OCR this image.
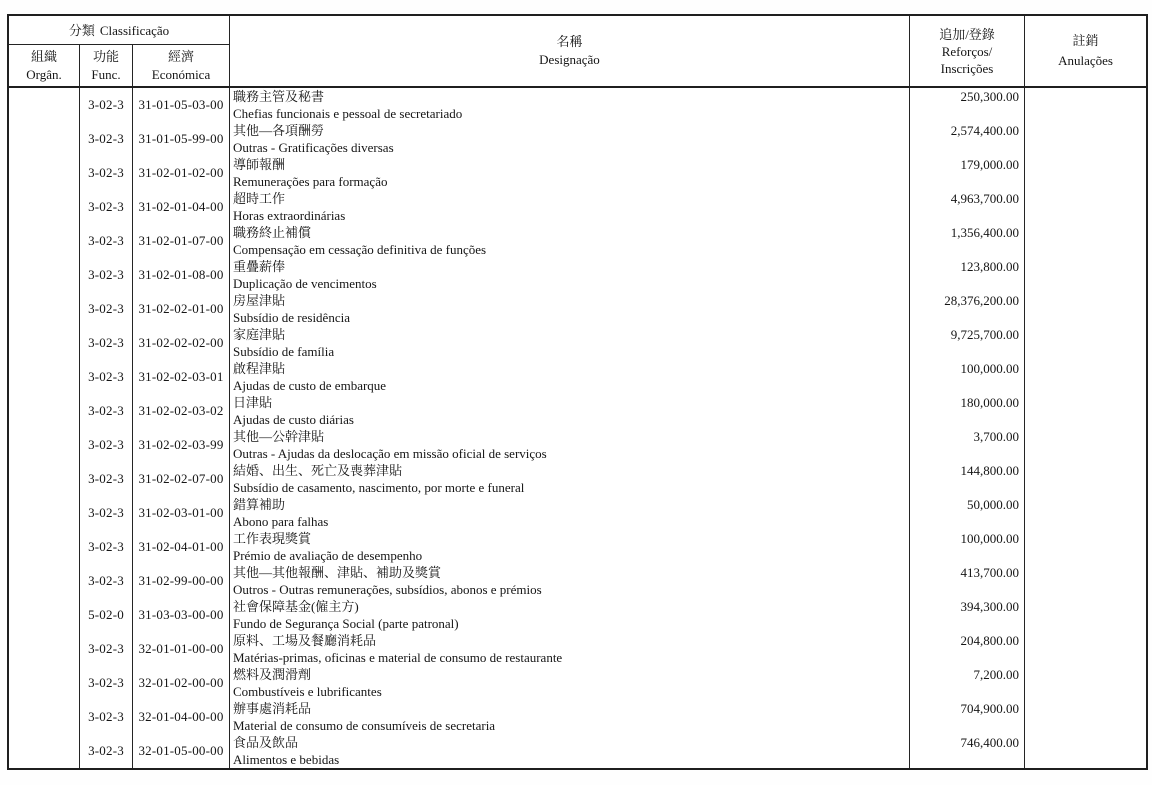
分類 Classificação
組織
Orgân.
功能
Func.
經濟
Económica
名稱
Designação
追加/登錄
Reforços/
Inscrições
註銷
Anulações
3-02-3	31-01-05-03-00
職務主管及秘書
Chefias funcionais e pessoal de secretariado
250,300.00
3-02-3	31-01-05-99-00
其他—各項酬勞
Outras - Gratificações diversas
2,574,400.00
3-02-3	31-02-01-02-00
導師報酬
Remunerações para formação
179,000.00
3-02-3	31-02-01-04-00
超時工作
Horas extraordinárias
4,963,700.00
3-02-3	31-02-01-07-00
職務終止補償
Compensação em cessação definitiva de funções
1,356,400.00
3-02-3	31-02-01-08-00
重疊薪俸
Duplicação de vencimentos
123,800.00
3-02-3	31-02-02-01-00
房屋津貼
Subsídio de residência
28,376,200.00
3-02-3	31-02-02-02-00
家庭津貼
Subsídio de família
9,725,700.00
3-02-3	31-02-02-03-01
啟程津貼
Ajudas de custo de embarque
100,000.00
3-02-3	31-02-02-03-02
日津貼
Ajudas de custo diárias
180,000.00
3-02-3	31-02-02-03-99
其他—公幹津貼
Outras - Ajudas da deslocação em missão oficial de serviços
3,700.00
3-02-3	31-02-02-07-00
結婚、出生、死亡及喪葬津貼
Subsídio de casamento, nascimento, por morte e funeral
144,800.00
3-02-3	31-02-03-01-00
錯算補助
Abono para falhas
50,000.00
3-02-3	31-02-04-01-00
工作表現獎賞
Prémio de avaliação de desempenho
100,000.00
3-02-3	31-02-99-00-00
其他—其他報酬、津貼、補助及獎賞
Outros - Outras remunerações, subsídios, abonos e prémios
413,700.00
5-02-0	31-03-03-00-00
社會保障基金(僱主方)
Fundo de Segurança Social (parte patronal)
394,300.00
3-02-3	32-01-01-00-00
原料、工場及餐廳消耗品
Matérias-primas, oficinas e material de consumo de restaurante
204,800.00
3-02-3	32-01-02-00-00
燃料及潤滑劑
Combustíveis e lubrificantes
7,200.00
3-02-3	32-01-04-00-00
辦事處消耗品
Material de consumo de consumíveis de secretaria
704,900.00
3-02-3	32-01-05-00-00
食品及飲品
Alimentos e bebidas
746,400.00
